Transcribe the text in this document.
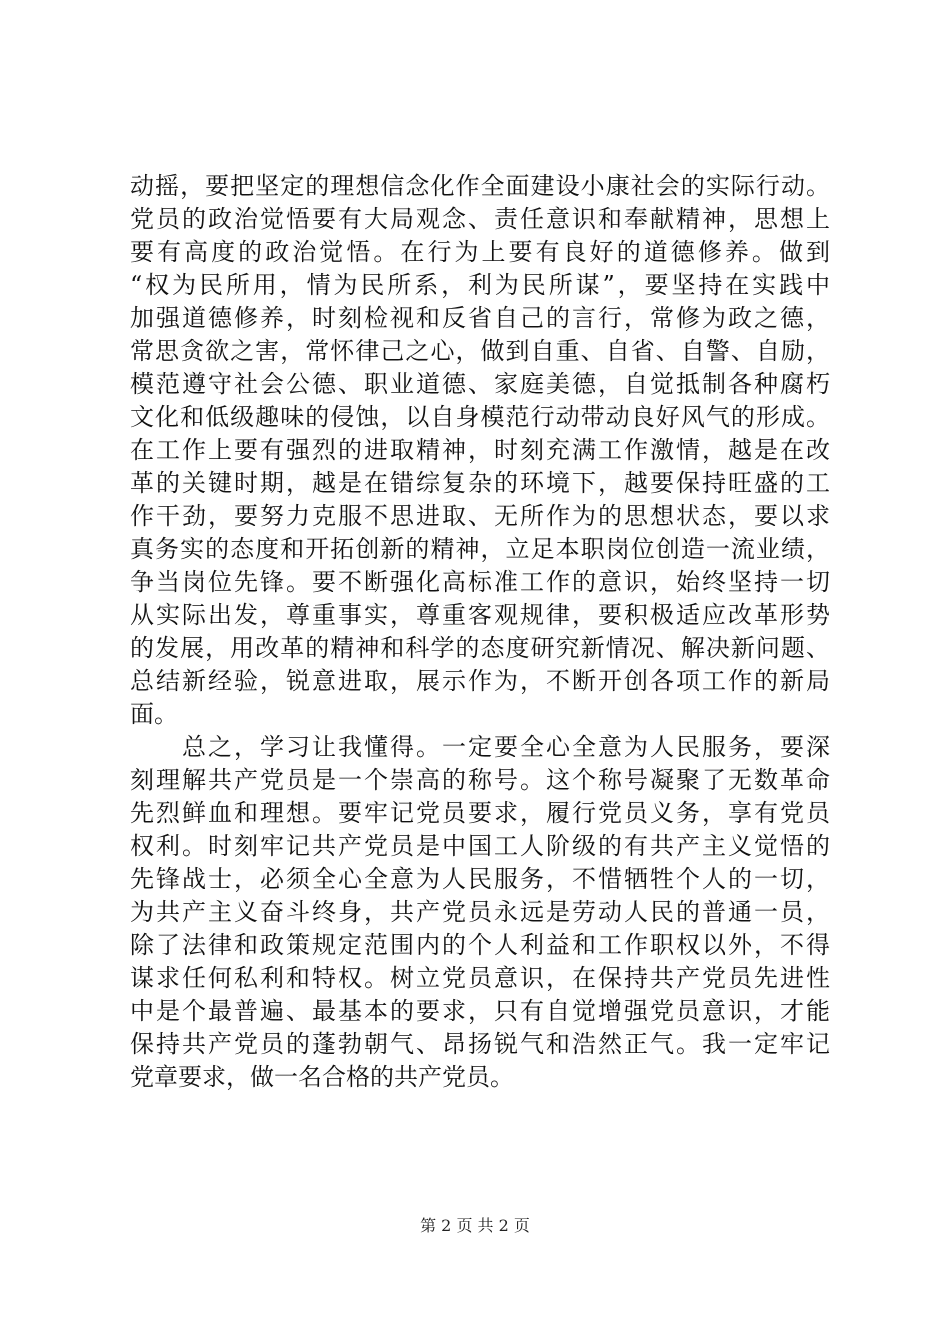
动摇，要把坚定的理想信念化作全面建设小康社会的实际行动。
党员的政治觉悟要有大局观念、责任意识和奉献精神，思想上
要有高度的政治觉悟。在行为上要有良好的道德修养。做到
“权为民所用，情为民所系，利为民所谋”，要坚持在实践中
加强道德修养，时刻检视和反省自己的言行，常修为政之德，
常思贪欲之害，常怀律己之心，做到自重、自省、自警、自励，
模范遵守社会公德、职业道德、家庭美德，自觉抵制各种腐朽
文化和低级趣味的侵蚀，以自身模范行动带动良好风气的形成。
在工作上要有强烈的进取精神，时刻充满工作激情，越是在改
革的关键时期，越是在错综复杂的环境下，越要保持旺盛的工
作干劲，要努力克服不思进取、无所作为的思想状态，要以求
真务实的态度和开拓创新的精神，立足本职岗位创造一流业绩，
争当岗位先锋。要不断强化高标准工作的意识，始终坚持一切
从实际出发，尊重事实，尊重客观规律，要积极适应改革形势
的发展，用改革的精神和科学的态度研究新情况、解决新问题、
总结新经验，锐意进取，展示作为，不断开创各项工作的新局
面。
　　总之，学习让我懂得。一定要全心全意为人民服务，要深
刻理解共产党员是一个崇高的称号。这个称号凝聚了无数革命
先烈鲜血和理想。要牢记党员要求，履行党员义务，享有党员
权利。时刻牢记共产党员是中国工人阶级的有共产主义觉悟的
先锋战士，必须全心全意为人民服务，不惜牺牲个人的一切，
为共产主义奋斗终身，共产党员永远是劳动人民的普通一员，
除了法律和政策规定范围内的个人利益和工作职权以外，不得
谋求任何私利和特权。树立党员意识，在保持共产党员先进性
中是个最普遍、最基本的要求，只有自觉增强党员意识，才能
保持共产党员的蓬勃朝气、昂扬锐气和浩然正气。我一定牢记
党章要求，做一名合格的共产党员。
第 2 页 共 2 页
